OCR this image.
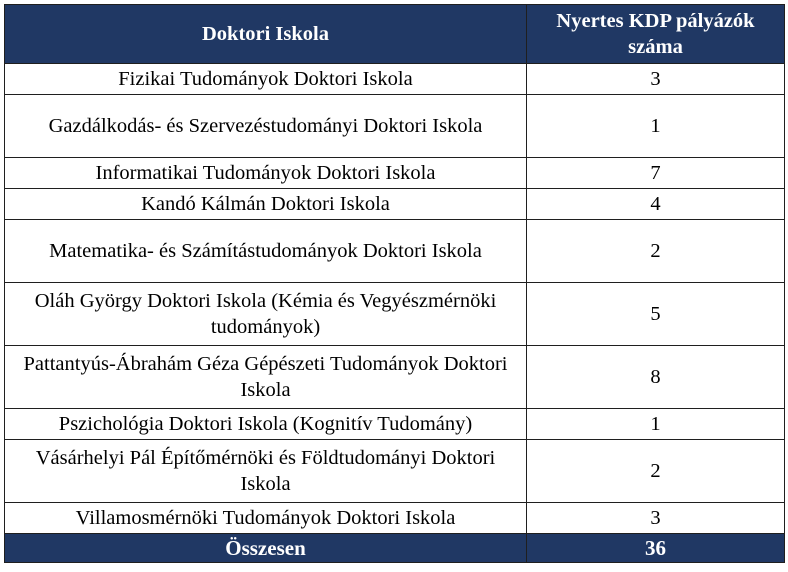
Doktori Iskola	Nyertes KDP pályázók száma
Fizikai Tudományok Doktori Iskola	3
Gazdálkodás- és Szervezéstudományi Doktori Iskola	1
Informatikai Tudományok Doktori Iskola	7
Kandó Kálmán Doktori Iskola	4
Matematika- és Számítástudományok Doktori Iskola	2
Oláh György Doktori Iskola (Kémia és Vegyészmérnöki tudományok)	5
Pattantyús-Ábrahám Géza Gépészeti Tudományok Doktori Iskola	8
Pszichológia Doktori Iskola (Kognitív Tudomány)	1
Vásárhelyi Pál Építőmérnöki és Földtudományi Doktori Iskola	2
Villamosmérnöki Tudományok Doktori Iskola	3
Összesen	36
